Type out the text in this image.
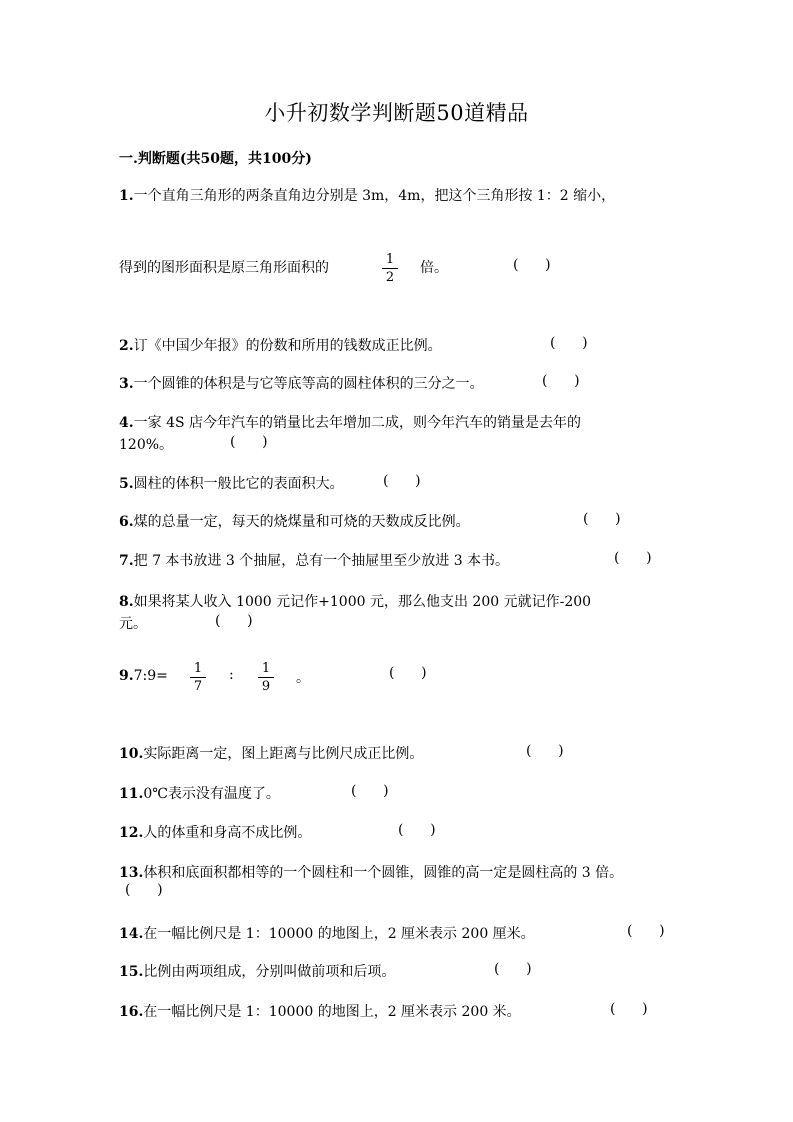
小升初数学判断题50道精品
一.判断题(共50题，共100分)
1.一个直角三角形的两条直角边分别是 3m，4m，把这个三角形按 1：2 缩小，
得到的图形面积是原三角形面积的
1
2
倍。	(      )
2.订《中国少年报》的份数和所用的钱数成正比例。	(      )
3.一个圆锥的体积是与它等底等高的圆柱体积的三分之一。	(      )
4.一家 4S 店今年汽车的销量比去年增加二成，则今年汽车的销量是去年的
120%。	(      )
5.圆柱的体积一般比它的表面积大。	(      )
6.煤的总量一定，每天的烧煤量和可烧的天数成反比例。	(      )
7.把 7 本书放进 3 个抽屉，总有一个抽屉里至少放进 3 本书。	(      )
8.如果将某人收入 1000 元记作+1000 元，那么他支出 200 元就记作-200
元。	(      )
9.7:9= 1
7
: 1
9
。	(      )
10.实际距离一定，图上距离与比例尺成正比例。	(      )
11.0℃表示没有温度了。	(      )
12.人的体重和身高不成比例。	(      )
13.体积和底面积都相等的一个圆柱和一个圆锥，圆锥的高一定是圆柱高的 3 倍。
(      )
14.在一幅比例尺是 1：10000 的地图上，2 厘米表示 200 厘米。	(      )
15.比例由两项组成，分别叫做前项和后项。	(      )
16.在一幅比例尺是 1：10000 的地图上，2 厘米表示 200 米。	(      )
